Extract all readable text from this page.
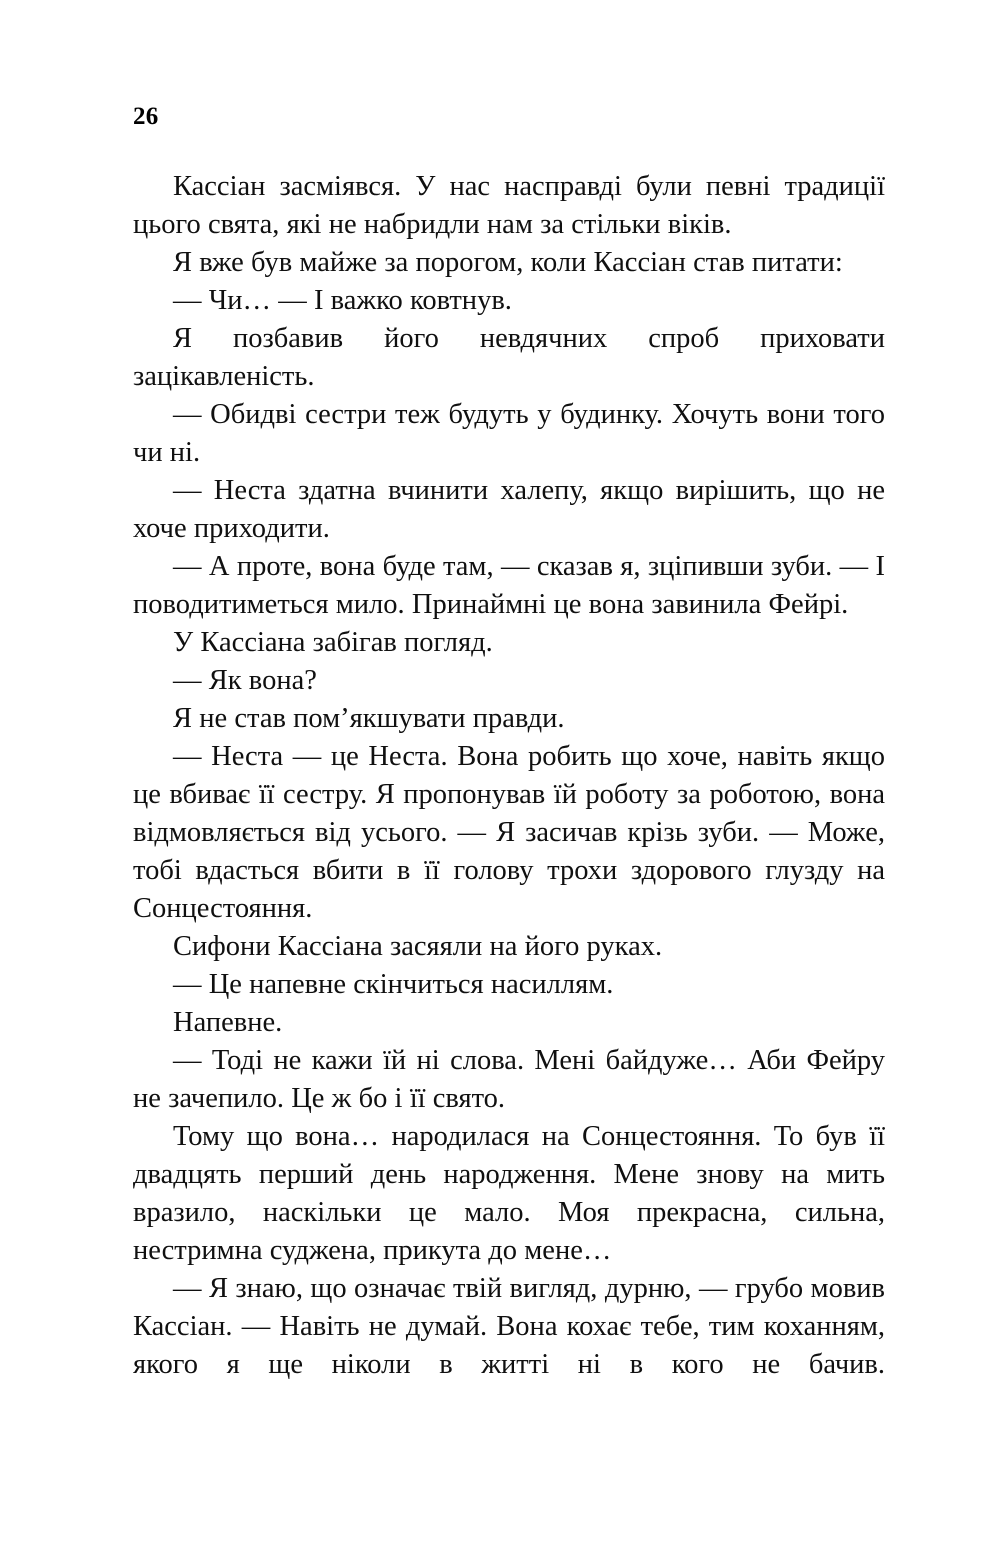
26

Кассіан засміявся. У нас насправді були певні традиції цього свята, які не набридли нам за стільки віків.

Я вже був майже за порогом, коли Кассіан став питати:

— Чи… — І важко ковтнув.

Я позбавив його невдячних спроб приховати зацікавленість.

— Обидві сестри теж будуть у будинку. Хочуть вони того чи ні.

— Неста здатна вчинити халепу, якщо вирішить, що не хоче приходити.

— А проте, вона буде там, — сказав я, зціпивши зуби. — І поводитиметься мило. Принаймні це вона завинила Фейрі.

У Кассіана забігав погляд.

— Як вона?

Я не став пом’якшувати правди.

— Неста — це Неста. Вона робить що хоче, навіть якщо це вбиває її сестру. Я пропонував їй роботу за роботою, вона відмовляється від усього. — Я засичав крізь зуби. — Може, тобі вдасться вбити в її голову трохи здорового глузду на Сонцестояння.

Сифони Кассіана засяяли на його руках.

— Це напевне скінчиться насиллям.

Напевне.

— Тоді не кажи їй ні слова. Мені байдуже… Аби Фейру не зачепило. Це ж бо і її свято.

Тому що вона… народилася на Сонцестояння. То був її двадцять перший день народження. Мене знову на мить вразило, наскільки це мало. Моя прекрасна, сильна, нестримна суджена, прикута до мене…

— Я знаю, що означає твій вигляд, дурню, — грубо мовив Кассіан. — Навіть не думай. Вона кохає тебе, тим коханням, якого я ще ніколи в житті ні в кого не бачив.
